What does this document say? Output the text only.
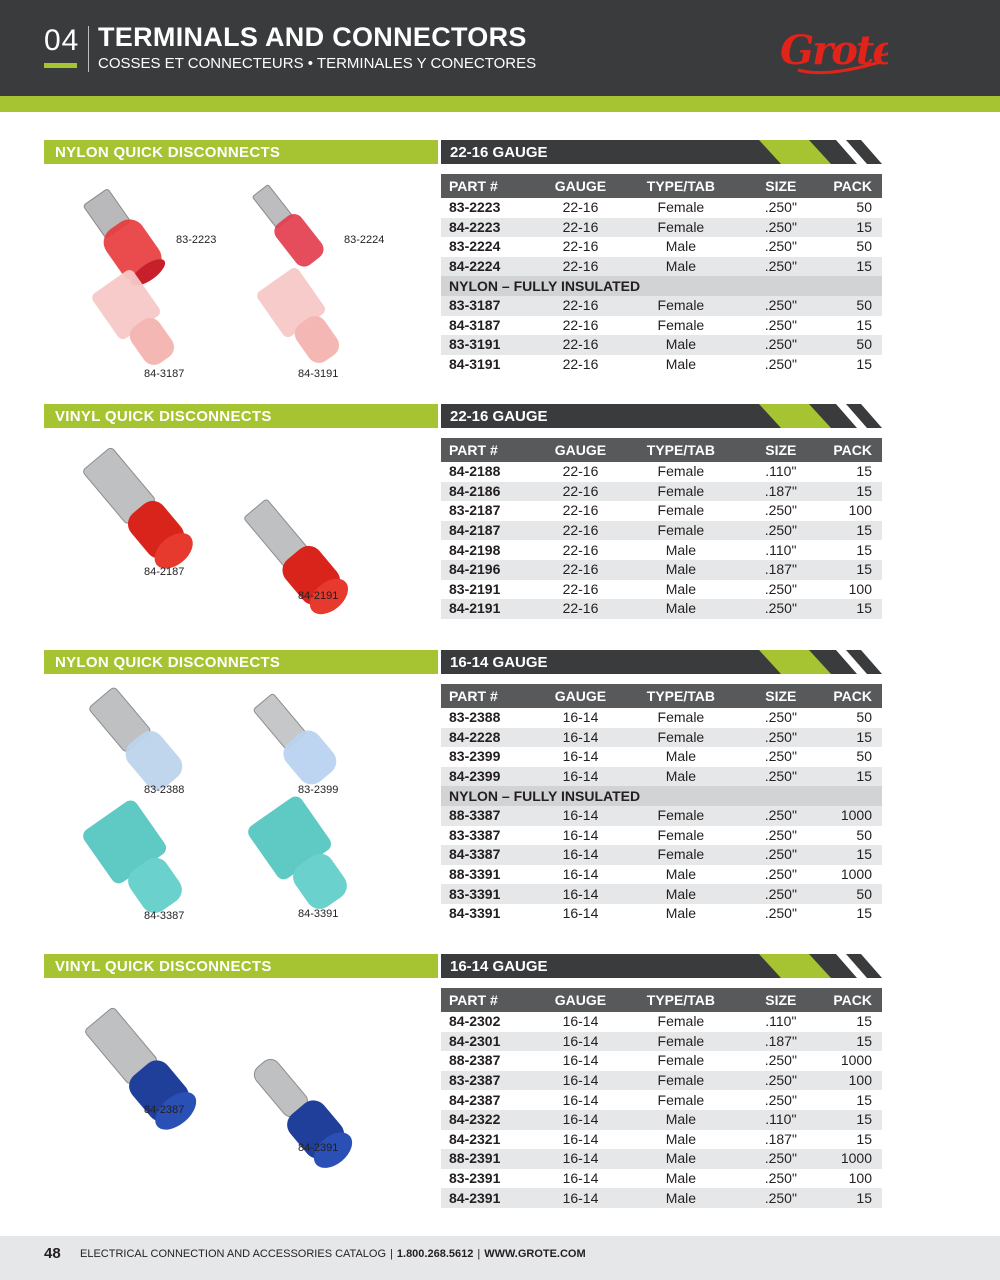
04 TERMINALS AND CONNECTORS
COSSES ET CONNECTEURS • TERMINALES Y CONECTORES	Grote
NYLON QUICK DISCONNECTS	22-16 GAUGE
83-2223	83-2224
84-3187	84-3191
PART #	GAUGE	TYPE/TAB	SIZE	PACK
83-2223	22-16	Female	.250"	50
84-2223	22-16	Female	.250"	15
83-2224	22-16	Male	.250"	50
84-2224	22-16	Male	.250"	15
NYLON – FULLY INSULATED				
83-3187	22-16	Female	.250"	50
84-3187	22-16	Female	.250"	15
83-3191	22-16	Male	.250"	50
84-3191	22-16	Male	.250"	15
VINYL QUICK DISCONNECTS	22-16 GAUGE
84-2187
84-2191
PART #	GAUGE	TYPE/TAB	SIZE	PACK
84-2188	22-16	Female	.110"	15
84-2186	22-16	Female	.187"	15
83-2187	22-16	Female	.250"	100
84-2187	22-16	Female	.250"	15
84-2198	22-16	Male	.110"	15
84-2196	22-16	Male	.187"	15
83-2191	22-16	Male	.250"	100
84-2191	22-16	Male	.250"	15
NYLON QUICK DISCONNECTS	16-14 GAUGE
83-2388	83-2399
84-3387	84-3391
PART #	GAUGE	TYPE/TAB	SIZE	PACK
83-2388	16-14	Female	.250"	50
84-2228	16-14	Female	.250"	15
83-2399	16-14	Male	.250"	50
84-2399	16-14	Male	.250"	15
NYLON – FULLY INSULATED				
88-3387	16-14	Female	.250"	1000
83-3387	16-14	Female	.250"	50
84-3387	16-14	Female	.250"	15
88-3391	16-14	Male	.250"	1000
83-3391	16-14	Male	.250"	50
84-3391	16-14	Male	.250"	15
VINYL QUICK DISCONNECTS	16-14 GAUGE
84-2387
84-2391
PART #	GAUGE	TYPE/TAB	SIZE	PACK
84-2302	16-14	Female	.110"	15
84-2301	16-14	Female	.187"	15
88-2387	16-14	Female	.250"	1000
83-2387	16-14	Female	.250"	100
84-2387	16-14	Female	.250"	15
84-2322	16-14	Male	.110"	15
84-2321	16-14	Male	.187"	15
88-2391	16-14	Male	.250"	1000
83-2391	16-14	Male	.250"	100
84-2391	16-14	Male	.250"	15
48 ELECTRICAL CONNECTION AND ACCESSORIES CATALOG | 1.800.268.5612 | WWW.GROTE.COM
